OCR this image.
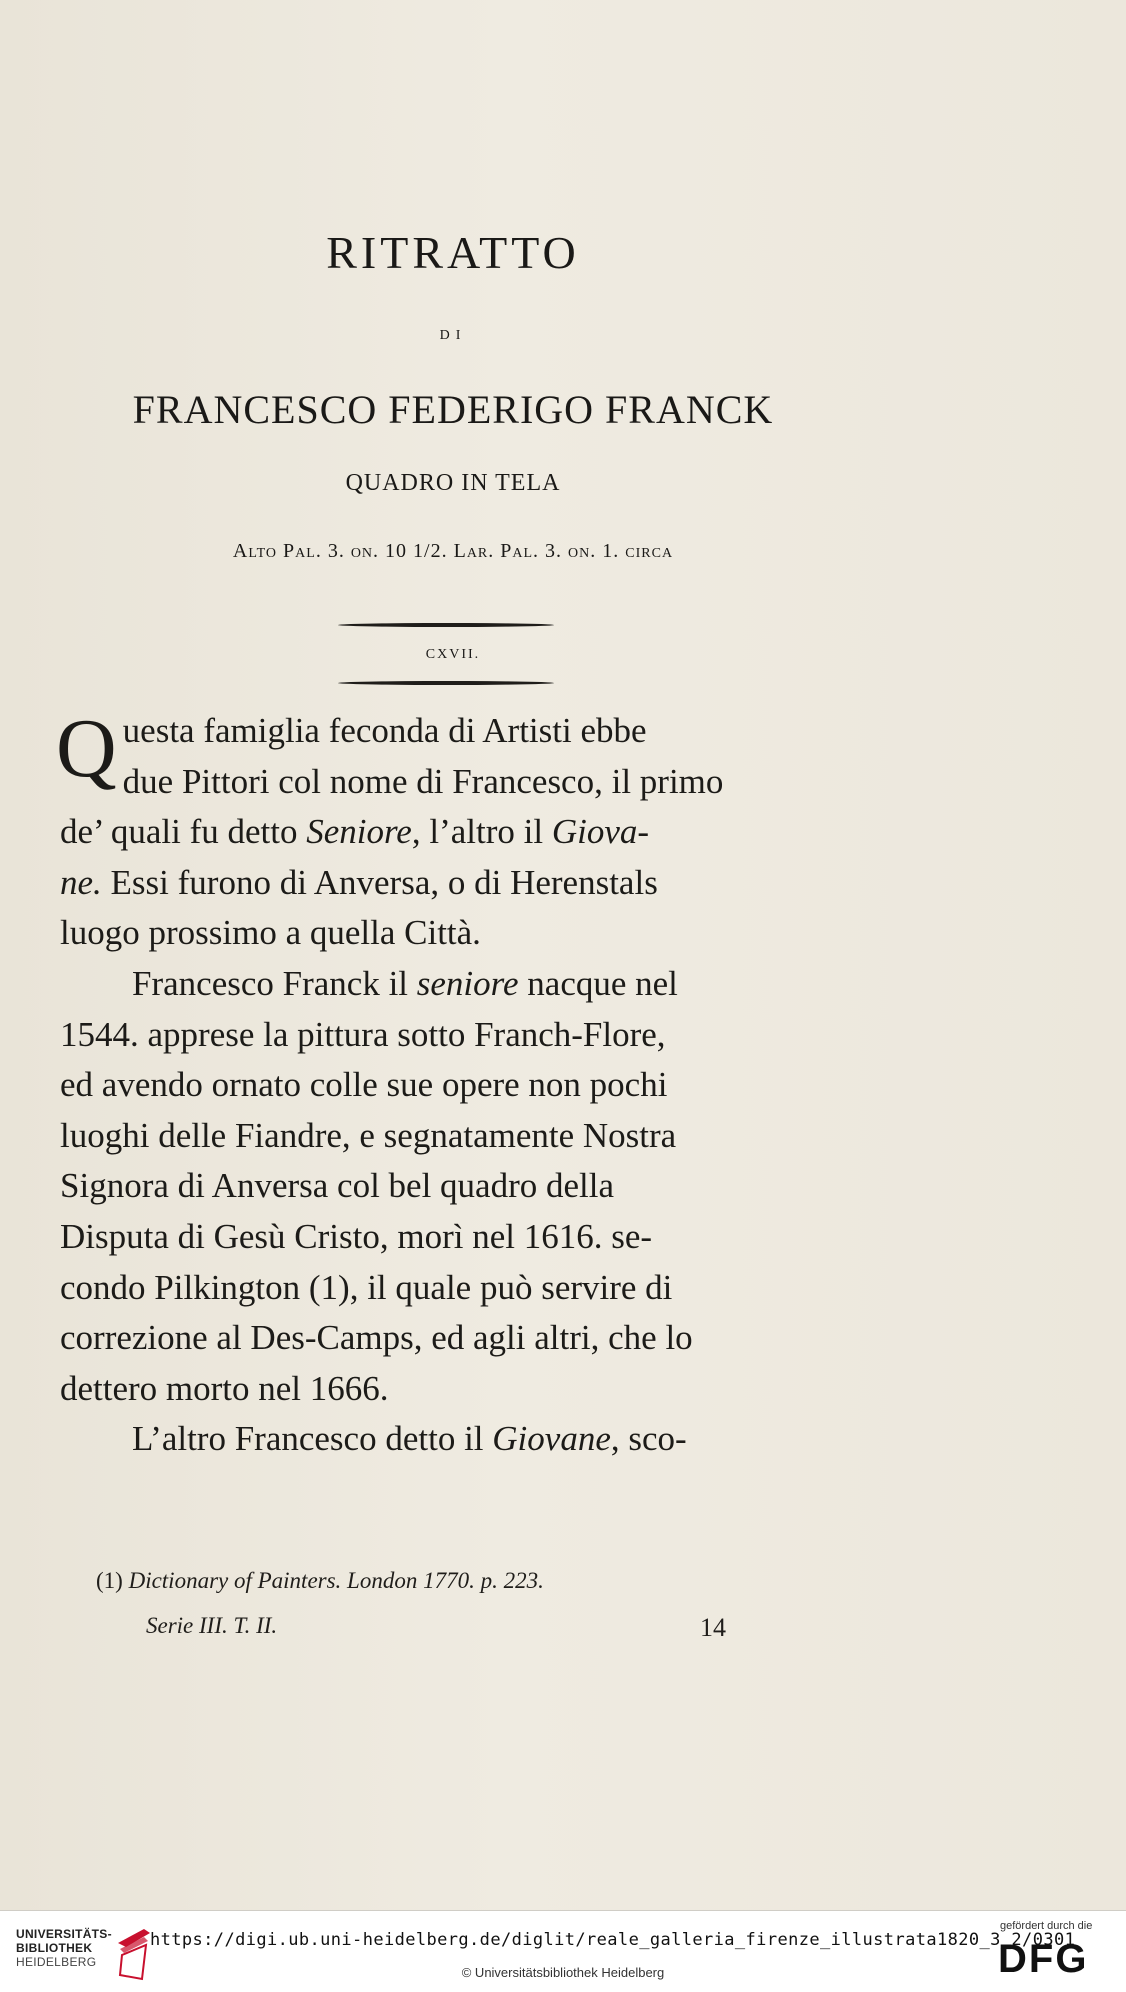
RITRATTO
DI
FRANCESCO FEDERIGO FRANCK
QUADRO IN TELA
Alto Pal. 3. on. 10 1/2. Lar. Pal. 3. on. 1. circa
CXVII.
Q uesta famiglia feconda di Artisti ebbe
due Pittori col nome di Francesco, il primo
de’ quali fu detto Seniore, l’altro il Giova-
ne. Essi furono di Anversa, o di Herenstals
luogo prossimo a quella Città.
Francesco Franck il seniore nacque nel
1544. apprese la pittura sotto Franch-Flore,
ed avendo ornato colle sue opere non pochi
luoghi delle Fiandre, e segnatamente Nostra
Signora di Anversa col bel quadro della
Disputa di Gesù Cristo, morì nel 1616. se-
condo Pilkington (1), il quale può servire di
correzione al Des-Camps, ed agli altri, che lo
dettero morto nel 1666.
L’altro Francesco detto il Giovane, sco-
(1) Dictionary of Painters. London 1770. p. 223.
Serie III. T. II.	14
UNIVERSITÄTS-
BIBLIOTHEK
HEIDELBERG
https://digi.ub.uni-heidelberg.de/diglit/reale_galleria_firenze_illustrata1820_3_2/0301
© Universitätsbibliothek Heidelberg
gefördert durch die
DFG
